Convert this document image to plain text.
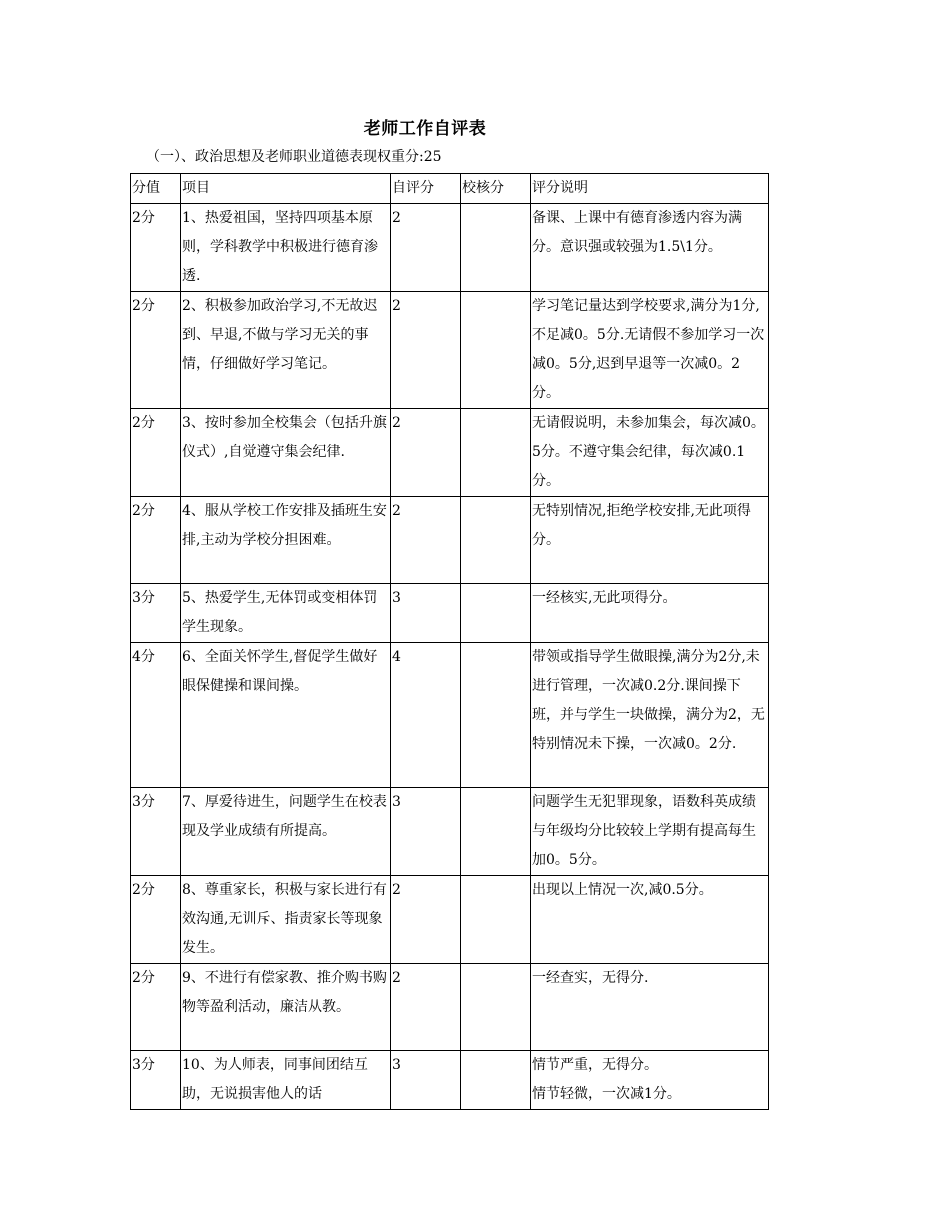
老师工作自评表
（一）、政治思想及老师职业道德表现权重分:25
分值	项目	自评分	校核分	评分说明
2分	1、热爱祖国，坚持四项基本原则，学科教学中积极进行德育渗透.	2		备课、上课中有德育渗透内容为满分。意识强或较强为1.5\1分。

2分	2、积极参加政治学习,不无故迟到、早退,不做与学习无关的事情，仔细做好学习笔记。	2		学习笔记量达到学校要求,满分为1分,不足减0。5分.无请假不参加学习一次减0。5分,迟到早退等一次减0。2分。

2分	3、按时参加全校集会（包括升旗仪式）,自觉遵守集会纪律.	2		无请假说明，未参加集会，每次减0。5分。不遵守集会纪律，每次减0.1分。

2分	4、服从学校工作安排及插班生安排,主动为学校分担困难。	2		无特别情况,拒绝学校安排,无此项得分。

3分	5、热爱学生,无体罚或变相体罚学生现象。	3		一经核实,无此项得分。

4分	6、全面关怀学生,督促学生做好眼保健操和课间操。	4		带领或指导学生做眼操,满分为2分,未进行管理，一次减0.2分.课间操下班，并与学生一块做操，满分为2，无特别情况未下操，一次减0。2分.

3分	7、厚爱待进生，问题学生在校表现及学业成绩有所提高。	3		问题学生无犯罪现象，语数科英成绩与年级均分比较较上学期有提高每生加0。5分。

2分	8、尊重家长，积极与家长进行有效沟通,无训斥、指责家长等现象发生。	2		出现以上情况一次,减0.5分。

2分	9、不进行有偿家教、推介购书购物等盈利活动，廉洁从教。	2		一经查实，无得分.

3分	10、为人师表，同事间团结互助，无说损害他人的话	3		情节严重，无得分。
情节轻微，一次减1分。
